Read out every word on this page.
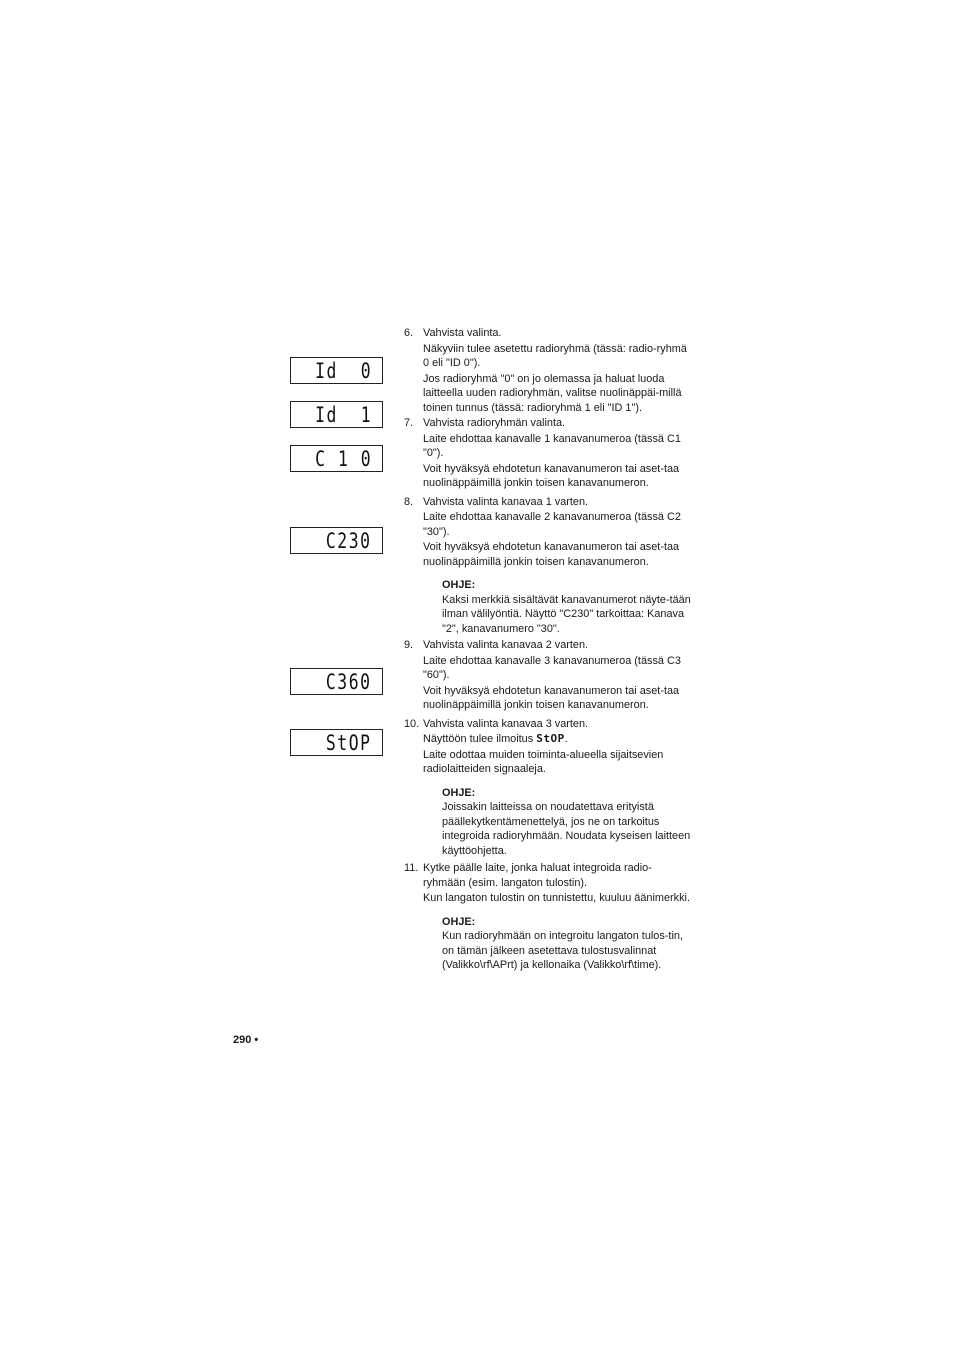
Id  0
Id  1
C 1 0
C230
C360
StOP
6. Vahvista valinta.

Näkyviin tulee asetettu radioryhmä (tässä: radio-ryhmä 0 eli "ID 0").

Jos radioryhmä "0" on jo olemassa ja haluat luoda laitteella uuden radioryhmän, valitse nuolinäppäi-millä toinen tunnus (tässä: radioryhmä 1 eli "ID 1").

7. Vahvista radioryhmän valinta.

Laite ehdottaa kanavalle 1 kanavanumeroa (tässä C1 "0").

Voit hyväksyä ehdotetun kanavanumeron tai aset-taa nuolinäppäimillä jonkin toisen kanavanumeron.

8. Vahvista valinta kanavaa 1 varten.

Laite ehdottaa kanavalle 2 kanavanumeroa (tässä C2 "30").

Voit hyväksyä ehdotetun kanavanumeron tai aset-taa nuolinäppäimillä jonkin toisen kanavanumeron.

OHJE:

Kaksi merkkiä sisältävät kanavanumerot näyte-tään ilman välilyöntiä. Näyttö "C230" tarkoittaa: Kanava "2", kanavanumero "30".

9. Vahvista valinta kanavaa 2 varten.

Laite ehdottaa kanavalle 3 kanavanumeroa (tässä C3 "60").

Voit hyväksyä ehdotetun kanavanumeron tai aset-taa nuolinäppäimillä jonkin toisen kanavanumeron.

10. Vahvista valinta kanavaa 3 varten.

Näyttöön tulee ilmoitus StOP.

Laite odottaa muiden toiminta-alueella sijaitsevien radiolaitteiden signaaleja.

OHJE:

Joissakin laitteissa on noudatettava erityistä päällekytkentämenettelyä, jos ne on tarkoitus integroida radioryhmään. Noudata kyseisen laitteen käyttöohjetta.

11. Kytke päälle laite, jonka haluat integroida radio-ryhmään (esim. langaton tulostin).

Kun langaton tulostin on tunnistettu, kuuluu äänimerkki.

OHJE:

Kun radioryhmään on integroitu langaton tulos-tin, on tämän jälkeen asetettava tulostusvalinnat (Valikko\rf\APrt) ja kellonaika (Valikko\rf\time).

290 •
